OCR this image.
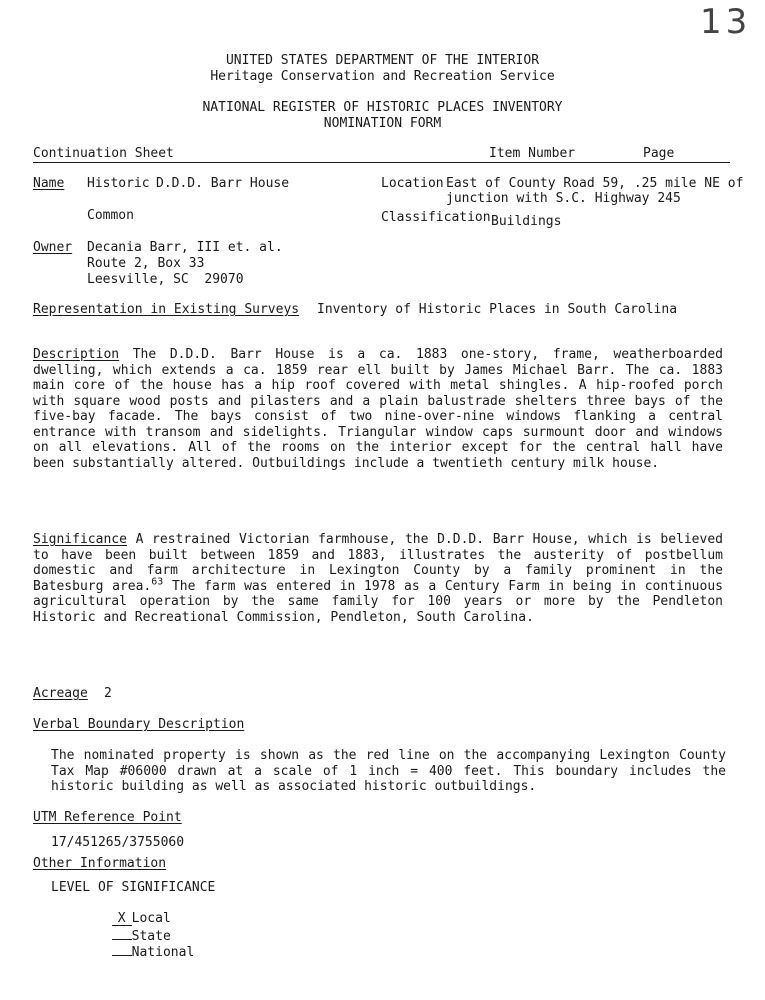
13
UNITED STATES DEPARTMENT OF THE INTERIOR
Heritage Conservation and Recreation Service
NATIONAL REGISTER OF HISTORIC PLACES INVENTORY
NOMINATION FORM
Continuation Sheet	Item Number	Page
Name Historic D.D.D. Barr House
Common
Location East of County Road 59, .25 mile NE of
junction with S.C. Highway 245
Classification Buildings
Owner Decania Barr, III et. al.
Route 2, Box 33
Leesville, SC  29070
Representation in Existing Surveys Inventory of Historic Places in South Carolina
Description The D.D.D. Barr House is a ca. 1883 one-story, frame, weatherboarded dwelling, which extends a ca. 1859 rear ell built by James Michael Barr. The ca. 1883 main core of the house has a hip roof covered with metal shingles. A hip-roofed porch with square wood posts and pilasters and a plain balustrade shelters three bays of the five-bay facade. The bays consist of two nine-over-nine windows flanking a central entrance with transom and sidelights. Triangular window caps surmount door and windows on all elevations. All of the rooms on the interior except for the central hall have been substantially altered. Outbuildings include a twentieth century milk house.
Significance A restrained Victorian farmhouse, the D.D.D. Barr House, which is believed to have been built between 1859 and 1883, illustrates the austerity of postbellum domestic and farm architecture in Lexington County by a family prominent in the Batesburg area.$^{63}$ The farm was entered in 1978 as a Century Farm in being in continuous agricultural operation by the same family for 100 years or more by the Pendleton Historic and Recreational Commission, Pendleton, South Carolina.
Acreage 2
Verbal Boundary Description
The nominated property is shown as the red line on the accompanying Lexington County Tax Map #06000 drawn at a scale of 1 inch = 400 feet. This boundary includes the historic building as well as associated historic outbuildings.
UTM Reference Point
17/451265/3755060
Other Information
LEVEL OF SIGNIFICANCE

X Local

State

National
